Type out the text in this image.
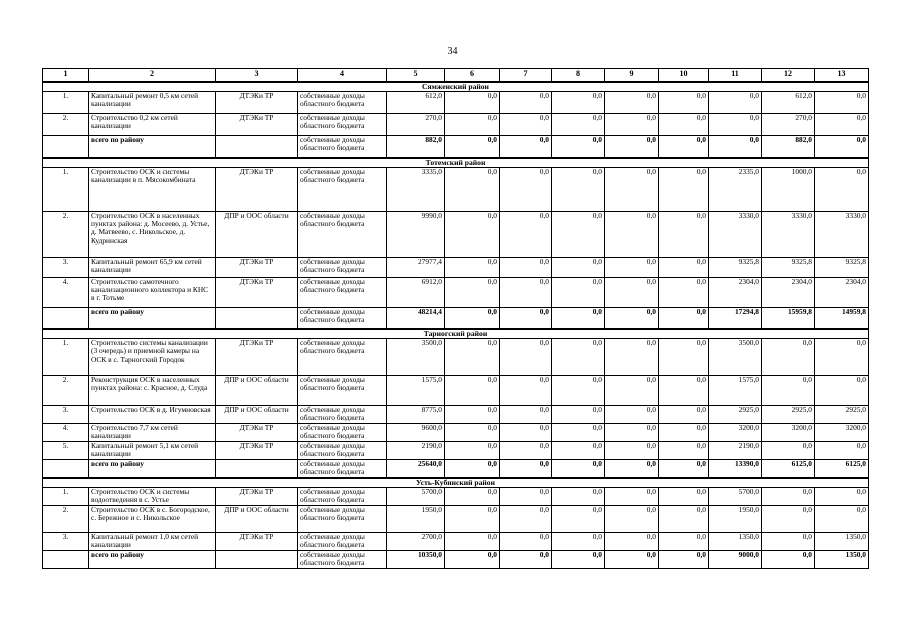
34
1	2	3	4	5	6	7	8	9	10	11	12	13
Сямженский район												
1.	Капитальный ремонт 0,5 км сетей канализации	ДТЭКи ТР	собственные доходы областного бюджета	612,0	0,0	0,0	0,0	0,0	0,0	0,0	612,0	0,0
2.	Строительство 0,2 км сетей канализации	ДТЭКи ТР	собственные доходы областного бюджета	270,0	0,0	0,0	0,0	0,0	0,0	0,0	270,0	0,0
	всего по району		собственные доходы областного бюджета	882,0	0,0	0,0	0,0	0,0	0,0	0,0	882,0	0,0
Тотемский район												
1.	Строительство ОСК и системы канализации в п. Мясокомбината	ДТЭКи ТР	собственные доходы областного бюджета	3335,0	0,0	0,0	0,0	0,0	0,0	2335,0	1000,0	0,0
2.	Строительство ОСК в населенных пунктах района: д. Мосеево, д. Устье, д. Матвеево, с. Никольское, д. Кудринская	ДПР и ООС области	собственные доходы областного бюджета	9990,0	0,0	0,0	0,0	0,0	0,0	3330,0	3330,0	3330,0
3.	Капитальный ремонт 65,9 км сетей канализации	ДТЭКи ТР	собственные доходы областного бюджета	27977,4	0,0	0,0	0,0	0,0	0,0	9325,8	9325,8	9325,8
4.	Строительство самотечного канализационного коллектора и КНС в г. Тотьме	ДТЭКи ТР	собственные доходы областного бюджета	6912,0	0,0	0,0	0,0	0,0	0,0	2304,0	2304,0	2304,0
	всего по району		собственные доходы областного бюджета	48214,4	0,0	0,0	0,0	0,0	0,0	17294,8	15959,8	14959,8
Тарногский район												
1.	Строительство системы канализации (3 очередь) и приемной камеры на ОСК в с. Тарногский Городок	ДТЭКи ТР	собственные доходы областного бюджета	3500,0	0,0	0,0	0,0	0,0	0,0	3500,0	0,0	0,0
2.	Реконструкция ОСК в населенных пунктах района: с. Красное, д. Слуда	ДПР и ООС области	собственные доходы областного бюджета	1575,0	0,0	0,0	0,0	0,0	0,0	1575,0	0,0	0,0
3.	Строительство ОСК в д. Игумновская	ДПР и ООС области	собственные доходы областного бюджета	8775,0	0,0	0,0	0,0	0,0	0,0	2925,0	2925,0	2925,0
4.	Строительство 7,7 км сетей канализации	ДТЭКи ТР	собственные доходы областного бюджета	9600,0	0,0	0,0	0,0	0,0	0,0	3200,0	3200,0	3200,0
5.	Капитальный ремонт 5,1 км сетей канализации	ДТЭКи ТР	собственные доходы областного бюджета	2190,0	0,0	0,0	0,0	0,0	0,0	2190,0	0,0	0,0
	всего по району		собственные доходы областного бюджета	25640,0	0,0	0,0	0,0	0,0	0,0	13390,0	6125,0	6125,0
Усть-Кубинский район												
1.	Строительство ОСК и системы водоотведения в с. Устье	ДТЭКи ТР	собственные доходы областного бюджета	5700,0	0,0	0,0	0,0	0,0	0,0	5700,0	0,0	0,0
2.	Строительство ОСК в с. Богородское, с. Бережное и с. Никольское	ДПР и ООС области	собственные доходы областного бюджета	1950,0	0,0	0,0	0,0	0,0	0,0	1950,0	0,0	0,0
3.	Капитальный ремонт 1,0 км сетей канализации	ДТЭКи ТР	собственные доходы областного бюджета	2700,0	0,0	0,0	0,0	0,0	0,0	1350,0	0,0	1350,0
	всего по району		собственные доходы областного бюджета	10350,0	0,0	0,0	0,0	0,0	0,0	9000,0	0,0	1350,0
